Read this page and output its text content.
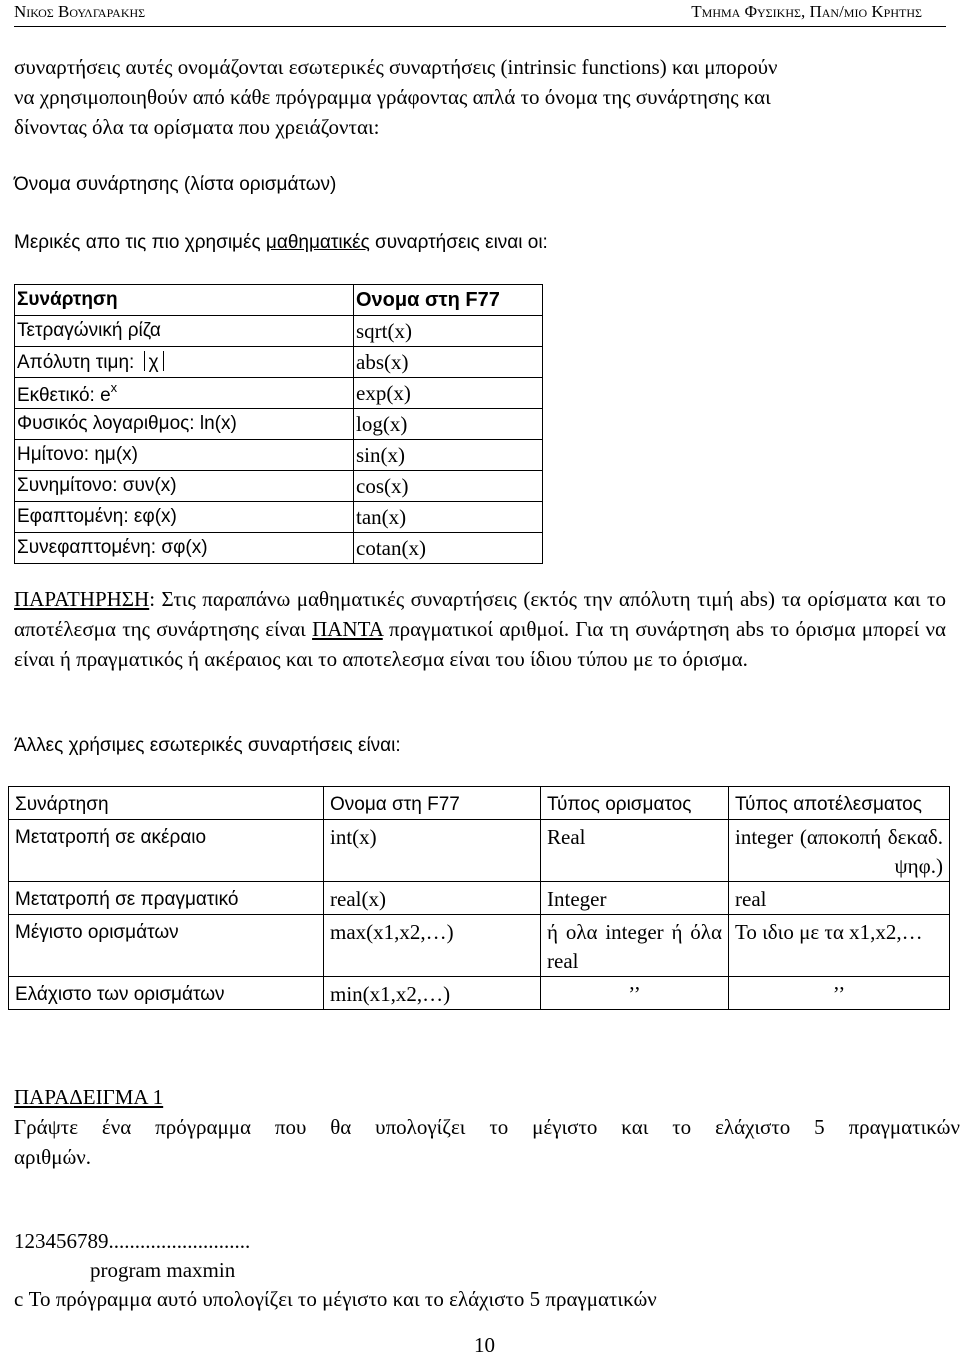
Νικος Βουλγαρακης	Τμημα Φυσικης, Παν/μιο Κρητης
συναρτήσεις αυτές ονομάζονται εσωτερικές συναρτήσεις (intrinsic functions) και μπορούν
να χρησιμοποιηθούν από κάθε πρόγραμμα γράφοντας απλά το όνομα της συνάρτησης και
δίνοντας όλα τα ορίσματα που χρειάζονται:
Όνομα συνάρτησης (λίστα ορισμάτων)
Μερικές απο τις πιο χρησιμές μαθηματικές συναρτήσεις ειναι οι:
Συνάρτηση	Ονομα στη F77
Τετραγώνική ρίζα	sqrt(x)
Απόλυτη τιμη: χ	abs(x)
Εκθετικό: $e^x$	exp(x)
Φυσικός λογαριθμος: ln(x)	log(x)
Ημίτονο: ημ(x)	sin(x)
Συνημίτονο: συν(x)	cos(x)
Εφαπτομένη: εφ(x)	tan(x)
Συνεφαπτομένη: σφ(x)	cotan(x)
ΠΑΡΑΤΗΡΗΣΗ: Στις παραπάνω μαθηματικές συναρτήσεις (εκτός την απόλυτη τιμή abs) τα ορίσματα και το αποτέλεσμα της συνάρτησης είναι ΠΑΝΤΑ πραγματικοί αριθμοί. Για τη συνάρτηση abs το όρισμα μπορεί να είναι ή πραγματικός ή ακέραιος και το αποτελεσμα είναι του ίδιου τύπου με το όρισμα.
Άλλες χρήσιμες εσωτερικές συναρτήσεις είναι:
Συνάρτηση	Ονομα στη F77	Τύπος ορισματος	Τύπος αποτέλεσματος
Μετατροπή σε ακέραιο	int(x)	Real	integer (αποκοπή δεκαδ. ψηφ.)
Μετατροπή σε πραγματικό	real(x)	Integer	real
Μέγιστο ορισμάτων	max(x1,x2,…)	ή ολα integer ή όλα real	Το ιδιο με τα x1,x2,…
Ελάχιστο των ορισμάτων	min(x1,x2,…)	’’	’’
ΠΑΡΑΔΕΙΓΜΑ 1
Γράψτε ένα πρόγραμμα που θα υπολογίζει το μέγιστο και το ελάχιστο 5 πραγματικών
αριθμών.
123456789...........................
program maxmin
c Το πρόγραμμα αυτό υπολογίζει το μέγιστο και το ελάχιστο 5 πραγματικών
10
